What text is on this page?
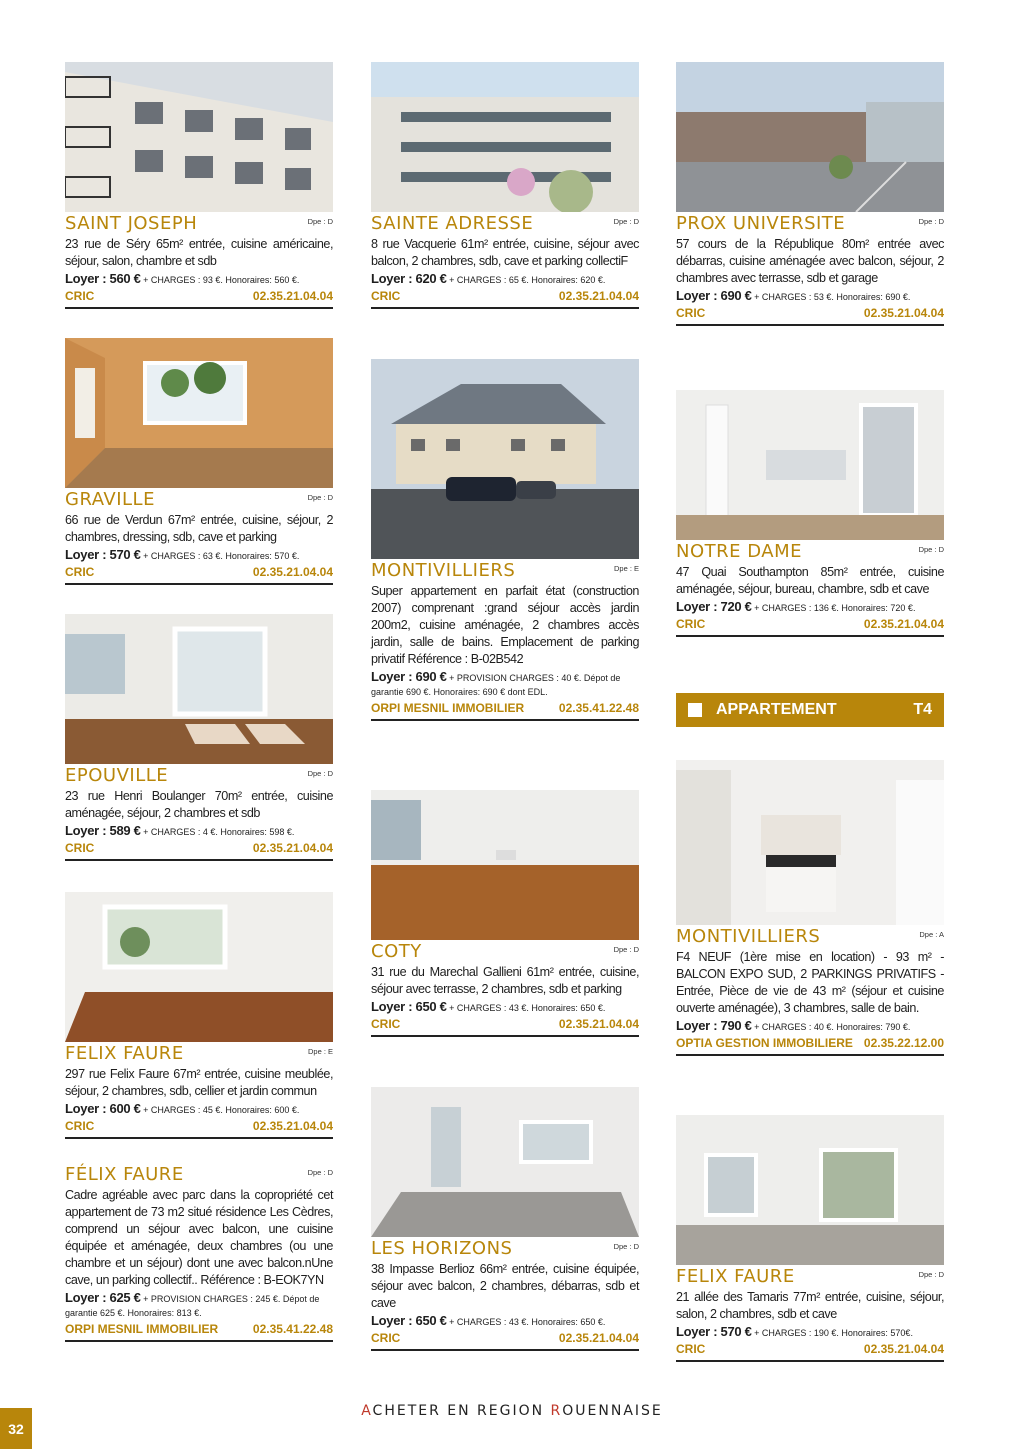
SAINT JOSEPH	Dpe : D

23 rue de Séry 65m² entrée, cuisine américaine, séjour, salon, chambre et sdb

Loyer : 560 € + CHARGES : 93 €. Honoraires: 560 €.
CRIC	02.35.21.04.04
GRAVILLE	Dpe : D

66 rue de Verdun 67m² entrée, cuisine, séjour, 2 chambres, dressing, sdb, cave et parking

Loyer : 570 € + CHARGES : 63 €. Honoraires: 570 €.
CRIC	02.35.21.04.04
EPOUVILLE	Dpe : D

23 rue Henri Boulanger 70m² entrée, cuisine aménagée, séjour, 2 chambres et sdb

Loyer : 589 € + CHARGES : 4 €. Honoraires: 598 €.
CRIC	02.35.21.04.04
FELIX FAURE	Dpe : E

297 rue Felix Faure 67m² entrée, cuisine meublée, séjour, 2 chambres, sdb, cellier et jardin commun

Loyer : 600 € + CHARGES : 45 €. Honoraires: 600 €.
CRIC	02.35.21.04.04
FÉLIX FAURE	Dpe : D

Cadre agréable avec parc dans la copropriété cet appartement de 73 m2 situé résidence Les Cèdres, comprend un séjour avec balcon, une cuisine équipée et aménagée, deux chambres (ou une chambre et un séjour) dont une avec balcon.nUne cave, un parking collectif.. Référence : B-EOK7YN

Loyer : 625 € + PROVISION CHARGES : 245 €. Dépot de garantie 625 €. Honoraires: 813 €.
ORPI MESNIL IMMOBILIER	02.35.41.22.48
SAINTE ADRESSE	Dpe : D

8 rue Vacquerie 61m² entrée, cuisine, séjour avec balcon, 2 chambres, sdb, cave et parking collectiF

Loyer : 620 € + CHARGES : 65 €. Honoraires: 620 €.
CRIC	02.35.21.04.04
MONTIVILLIERS	Dpe : E

Super appartement en parfait état (construction 2007) comprenant :grand séjour accès jardin 200m2, cuisine aménagée, 2 chambres accès jardin, salle de bains. Emplacement de parking privatif Référence : B-02B542

Loyer : 690 € + PROVISION CHARGES : 40 €. Dépot de garantie 690 €. Honoraires: 690 € dont EDL.
ORPI MESNIL IMMOBILIER	02.35.41.22.48
COTY	Dpe : D

31 rue du Marechal Gallieni 61m² entrée, cuisine, séjour avec terrasse, 2 chambres, sdb et parking

Loyer : 650 € + CHARGES : 43 €. Honoraires: 650 €.
CRIC	02.35.21.04.04
LES HORIZONS	Dpe : D

38 Impasse Berlioz 66m² entrée, cuisine équipée, séjour avec balcon, 2 chambres, débarras, sdb et cave

Loyer : 650 € + CHARGES : 43 €. Honoraires: 650 €.
CRIC	02.35.21.04.04
PROX UNIVERSITE	Dpe : D

57 cours de la République 80m² entrée avec débarras, cuisine aménagée avec balcon, séjour, 2 chambres avec terrasse, sdb et garage

Loyer : 690 € + CHARGES : 53 €. Honoraires: 690 €.
CRIC	02.35.21.04.04
NOTRE DAME	Dpe : D

47 Quai Southampton 85m² entrée, cuisine aménagée, séjour, bureau, chambre, sdb et cave

Loyer : 720 € + CHARGES : 136 €. Honoraires: 720 €.
CRIC	02.35.21.04.04
APPARTEMENT	T4
MONTIVILLIERS	Dpe : A

F4 NEUF (1ère mise en location) - 93 m² - BALCON EXPO SUD, 2 PARKINGS PRIVATIFS - Entrée, Pièce de vie de 43 m² (séjour et cuisine ouverte aménagée), 3 chambres, salle de bain.

Loyer : 790 € + CHARGES : 40 €. Honoraires: 790 €.
OPTIA GESTION IMMOBILIERE 02.35.22.12.00
FELIX FAURE	Dpe : D

21 allée des Tamaris 77m² entrée, cuisine, séjour, salon, 2 chambres, sdb et cave

Loyer : 570 € + CHARGES : 190 €. Honoraires: 570€.
CRIC	02.35.21.04.04
32
ACHETER EN REGION ROUENNAISE
